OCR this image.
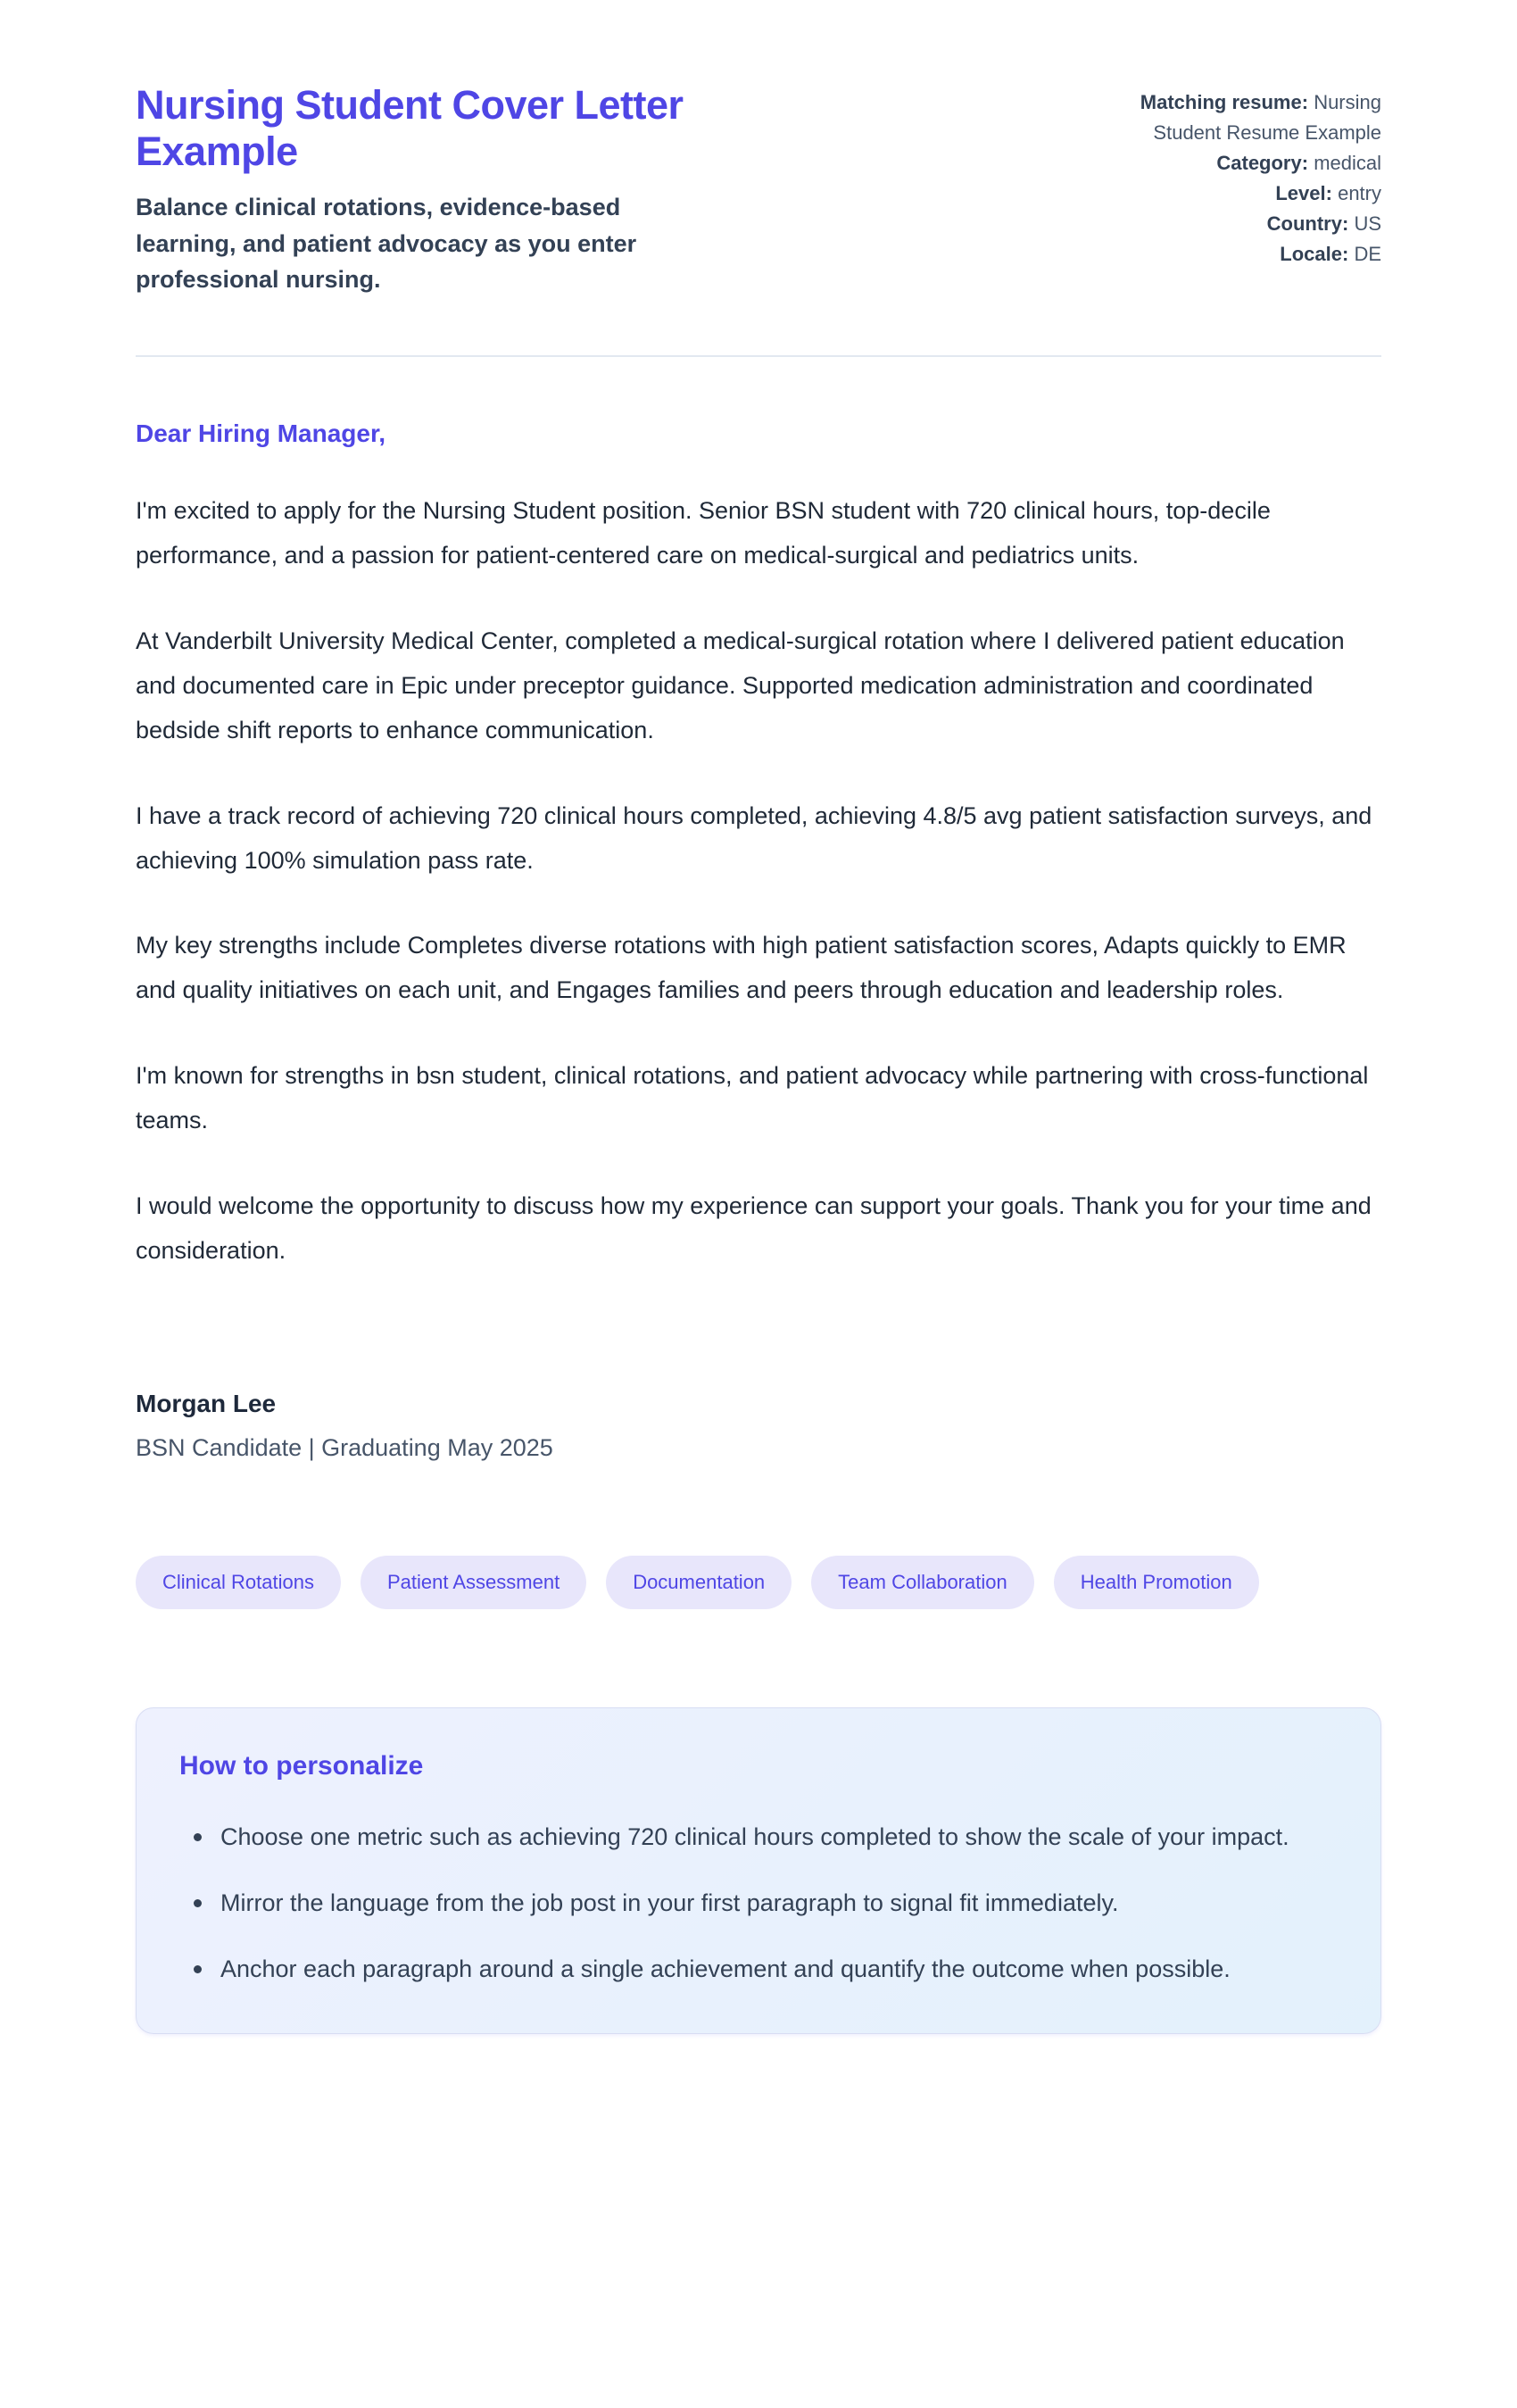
Nursing Student Cover Letter Example
Balance clinical rotations, evidence-based learning, and patient advocacy as you enter professional nursing.
Matching resume: Nursing Student Resume Example
Category: medical
Level: entry
Country: US
Locale: DE
Dear Hiring Manager,

I'm excited to apply for the Nursing Student position. Senior BSN student with 720 clinical hours, top-decile performance, and a passion for patient-centered care on medical-surgical and pediatrics units.

At Vanderbilt University Medical Center, completed a medical-surgical rotation where I delivered patient education and documented care in Epic under preceptor guidance. Supported medication administration and coordinated bedside shift reports to enhance communication.

I have a track record of achieving 720 clinical hours completed, achieving 4.8/5 avg patient satisfaction surveys, and achieving 100% simulation pass rate.

My key strengths include Completes diverse rotations with high patient satisfaction scores, Adapts quickly to EMR and quality initiatives on each unit, and Engages families and peers through education and leadership roles.

I'm known for strengths in bsn student, clinical rotations, and patient advocacy while partnering with cross-functional teams.

I would welcome the opportunity to discuss how my experience can support your goals. Thank you for your time and consideration.

Morgan Lee
BSN Candidate | Graduating May 2025
Clinical Rotations	Patient Assessment	Documentation	Team Collaboration	Health Promotion
How to personalize
Choose one metric such as achieving 720 clinical hours completed to show the scale of your impact.
Mirror the language from the job post in your first paragraph to signal fit immediately.
Anchor each paragraph around a single achievement and quantify the outcome when possible.
